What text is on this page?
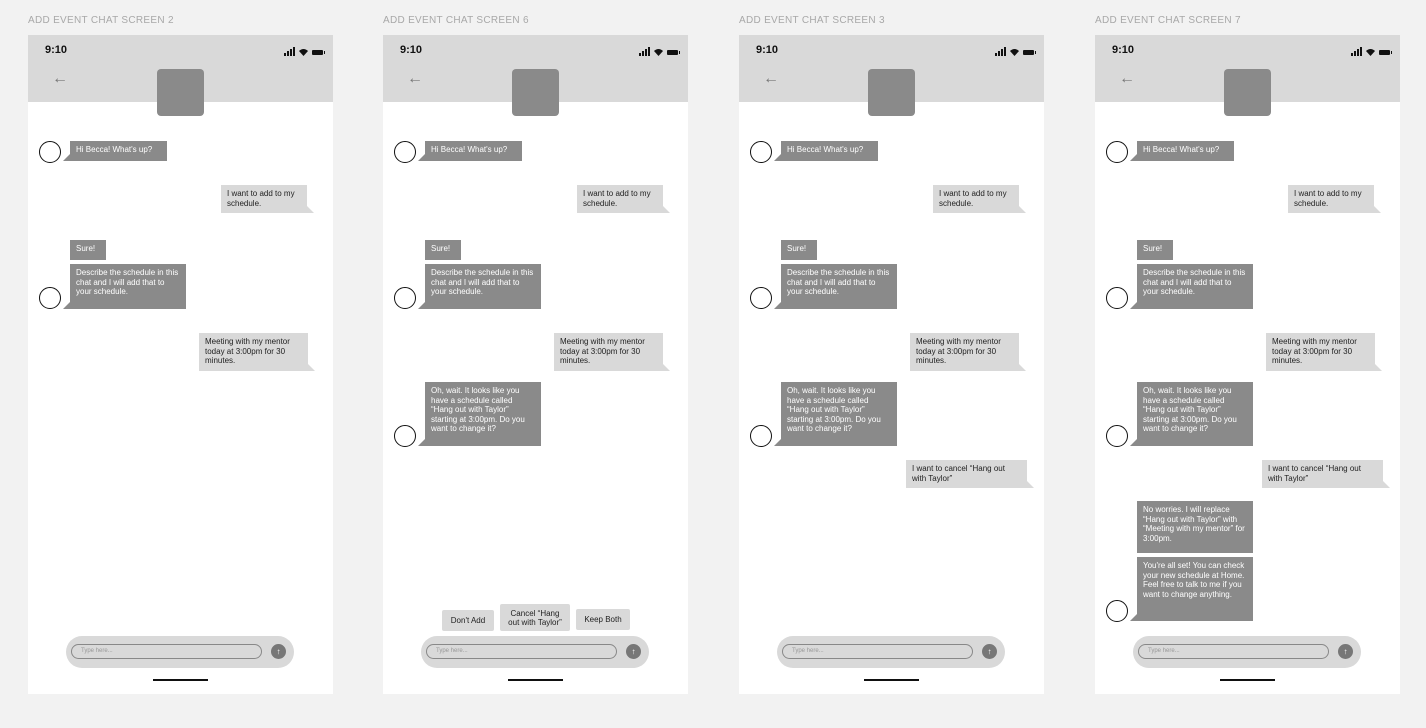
ADD EVENT CHAT SCREEN 2	ADD EVENT CHAT SCREEN 6	ADD EVENT CHAT SCREEN 3	ADD EVENT CHAT SCREEN 7
9:10
←
Hi Becca! What's up?
I want to add to my schedule.
Sure!
Describe the schedule in this chat and I will add that to your schedule.
Meeting with my mentor today at 3:00pm for 30 minutes.
Type here...	↑
9:10
←
Hi Becca! What's up?
I want to add to my schedule.
Sure!
Describe the schedule in this chat and I will add that to your schedule.
Meeting with my mentor today at 3:00pm for 30 minutes.
Oh, wait. It looks like you have a schedule called “Hang out with Taylor” starting at 3:00pm. Do you want to change it?
Don't Add
Cancel “Hang out with Taylor”	Keep Both
Type here...	↑
9:10
←
Hi Becca! What's up?
I want to add to my schedule.
Sure!
Describe the schedule in this chat and I will add that to your schedule.
Meeting with my mentor today at 3:00pm for 30 minutes.
Oh, wait. It looks like you have a schedule called “Hang out with Taylor” starting at 3:00pm. Do you want to change it?
I want to cancel “Hang out with Taylor”
Type here...	↑
9:10
←
Hi Becca! What's up?
I want to add to my schedule.
Sure!
Describe the schedule in this chat and I will add that to your schedule.
Meeting with my mentor today at 3:00pm for 30 minutes.
Oh, wait. It looks like you have a schedule called “Hang out with Taylor” starting at 3:00pm. Do you want to change it?
I want to cancel “Hang out with Taylor”
No worries. I will replace “Hang out with Taylor” with “Meeting with my mentor” for 3:00pm.
You're all set! You can check your new schedule at Home. Feel free to talk to me if you want to change anything.
Type here...	↑
